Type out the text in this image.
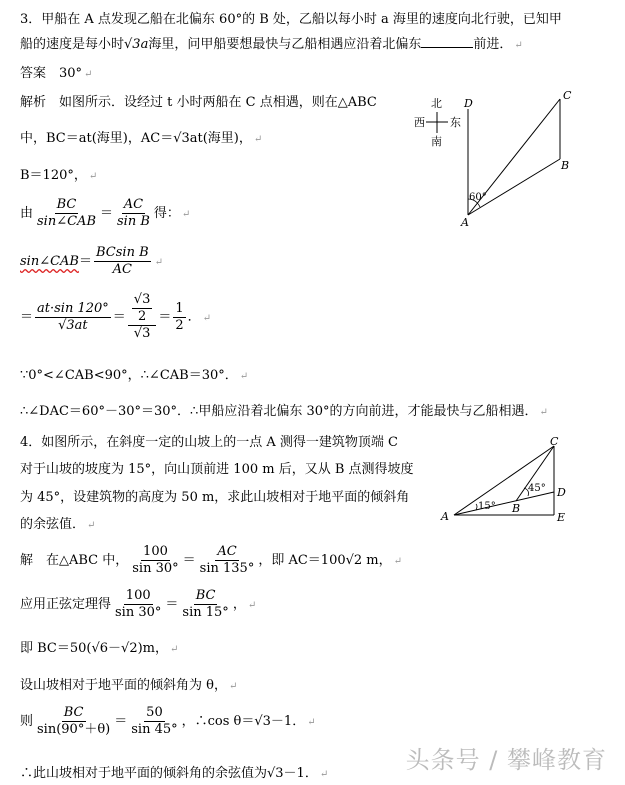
3．甲船在 A 点发现乙船在北偏东 60°的 B 处，乙船以每小时 a 海里的速度向北行驶，已知甲
船的速度是每小时√3a海里，问甲船要想最快与乙船相遇应沿着北偏东	前进． ↵
答案　30° ↵
解析　如图所示．设经过 t 小时两船在 C 点相遇，则在△ABC
中，BC＝at(海里)，AC＝√3at(海里)， ↵
B＝120°， ↵
由
BC
sin∠CAB
＝ $\frac{AC}{\text{sin B}}$ 得： ↵
sin∠CAB＝ $\frac{\text{BCsin B}}{AC}$ ↵
＝ $\frac{at\cdot\sin 120^\circ}{√3at} = \frac{\frac{√3}{2}}{√3} = \frac{1}{2}$ ． ↵
∵0°<∠CAB<90°，∴∠CAB＝30°． ↵
∴∠DAC＝60°－30°＝30°．∴甲船应沿着北偏东 30°的方向前进，才能最快与乙船相遇． ↵
北
南
西 东
D
C
B
A
60°
4．如图所示，在斜度一定的山坡上的一点 A 测得一建筑物顶端 C
对于山坡的坡度为 15°，向山顶前进 100 m 后，又从 B 点测得坡度
为 45°，设建筑物的高度为 50 m，求此山坡相对于地平面的倾斜角
的余弦值． ↵
解　在△ABC 中， $\frac{100}{\sin 30^\circ} = \frac{AC}{\sin 135^\circ}$ ，即 AC＝100√2 m， ↵
应用正弦定理得 $\frac{100}{\sin 30^\circ} = \frac{BC}{\sin 15^\circ}$ ， ↵
即 BC＝50(√6－√2)m， ↵
设山坡相对于地平面的倾斜角为 θ， ↵
则 $\frac{BC}{\sin(90^\circ+\theta)} = \frac{50}{\sin 45^\circ}$ ，∴cos θ＝√3－1． ↵
∴此山坡相对于地平面的倾斜角的余弦值为√3－1． ↵
C
D
A
B
E
15°
45°
头条号 / 攀峰教育
